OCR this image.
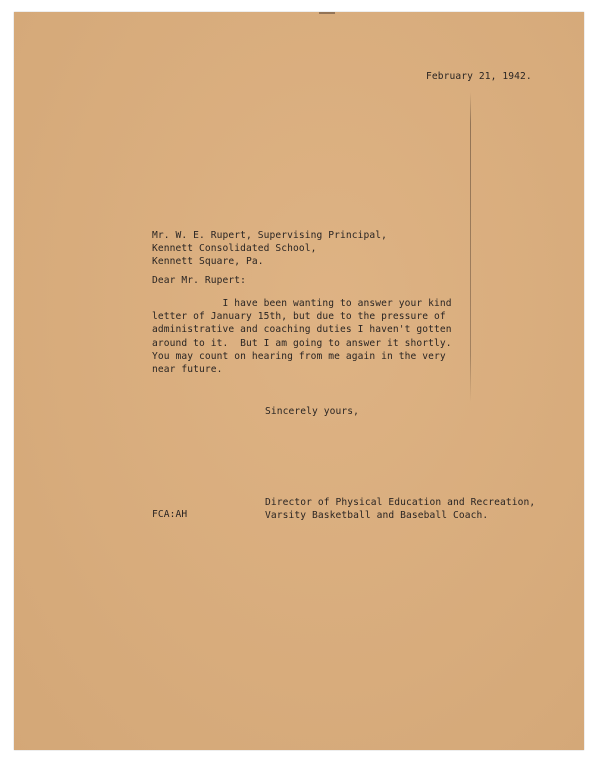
February 21, 1942.
Mr. W. E. Rupert, Supervising Principal,
Kennett Consolidated School,
Kennett Square, Pa.
Dear Mr. Rupert:
I have been wanting to answer your kind
letter of January 15th, but due to the pressure of
administrative and coaching duties I haven't gotten
around to it.  But I am going to answer it shortly.
You may count on hearing from me again in the very
near future.
Sincerely yours,
Director of Physical Education and Recreation,
Varsity Basketball and Baseball Coach.
FCA:AH
